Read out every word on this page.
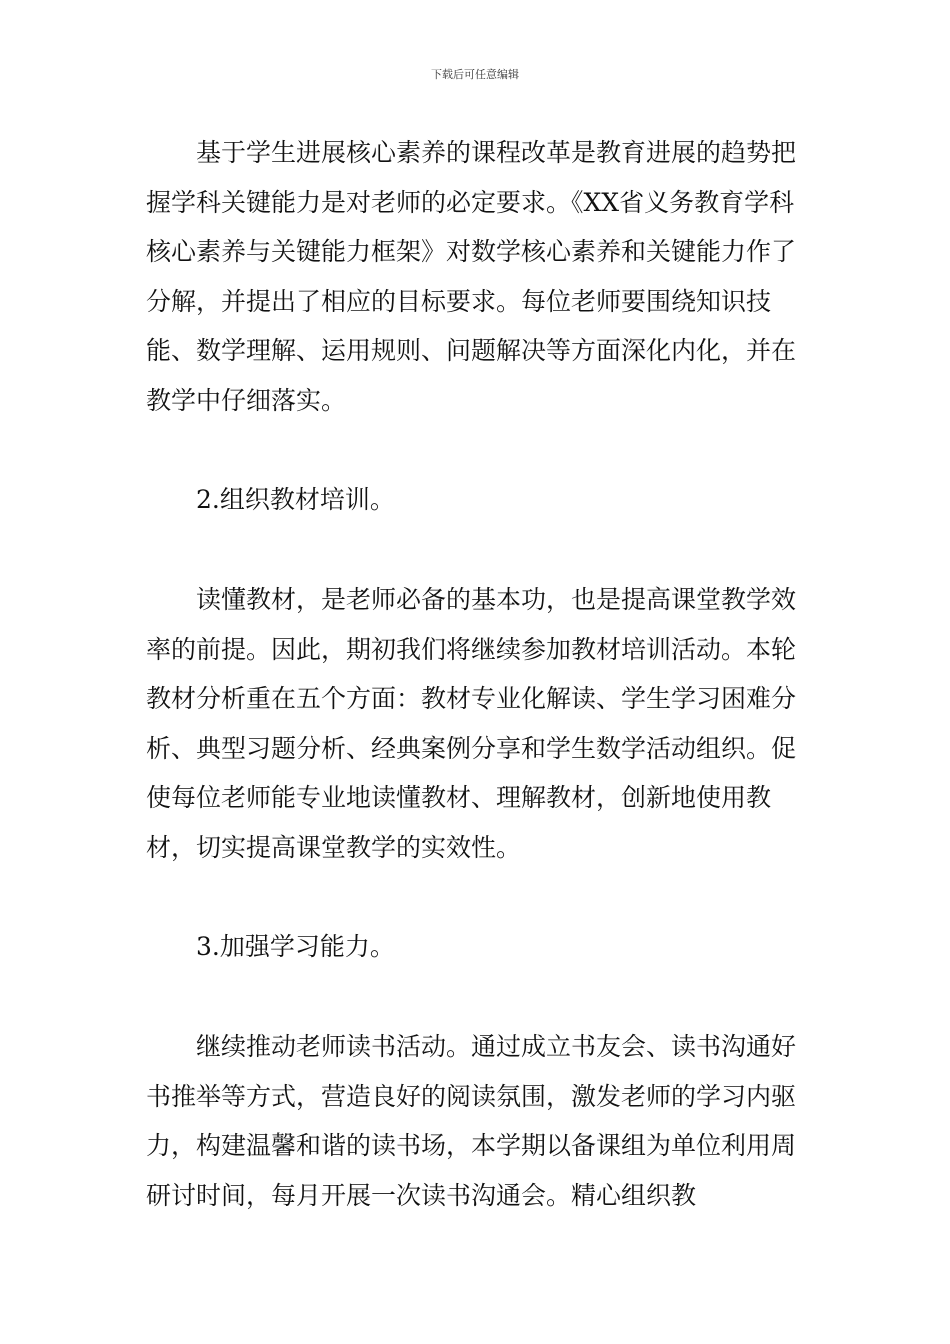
下载后可任意编辑

基于学生进展核心素养的课程改革是教育进展的趋势把握学科关键能力是对老师的必定要求。《XX省义务教育学科核心素养与关键能力框架》对数学核心素养和关键能力作了分解，并提出了相应的目标要求。每位老师要围绕知识技能、数学理解、运用规则、问题解决等方面深化内化，并在教学中仔细落实。

2.组织教材培训。

读懂教材，是老师必备的基本功，也是提高课堂教学效率的前提。因此，期初我们将继续参加教材培训活动。本轮教材分析重在五个方面：教材专业化解读、学生学习困难分析、典型习题分析、经典案例分享和学生数学活动组织。促使每位老师能专业地读懂教材、理解教材，创新地使用教材，切实提高课堂教学的实效性。

3.加强学习能力。

继续推动老师读书活动。通过成立书友会、读书沟通好书推举等方式，营造良好的阅读氛围，激发老师的学习内驱力，构建温馨和谐的读书场，本学期以备课组为单位利用周研讨时间，每月开展一次读书沟通会。精心组织教
